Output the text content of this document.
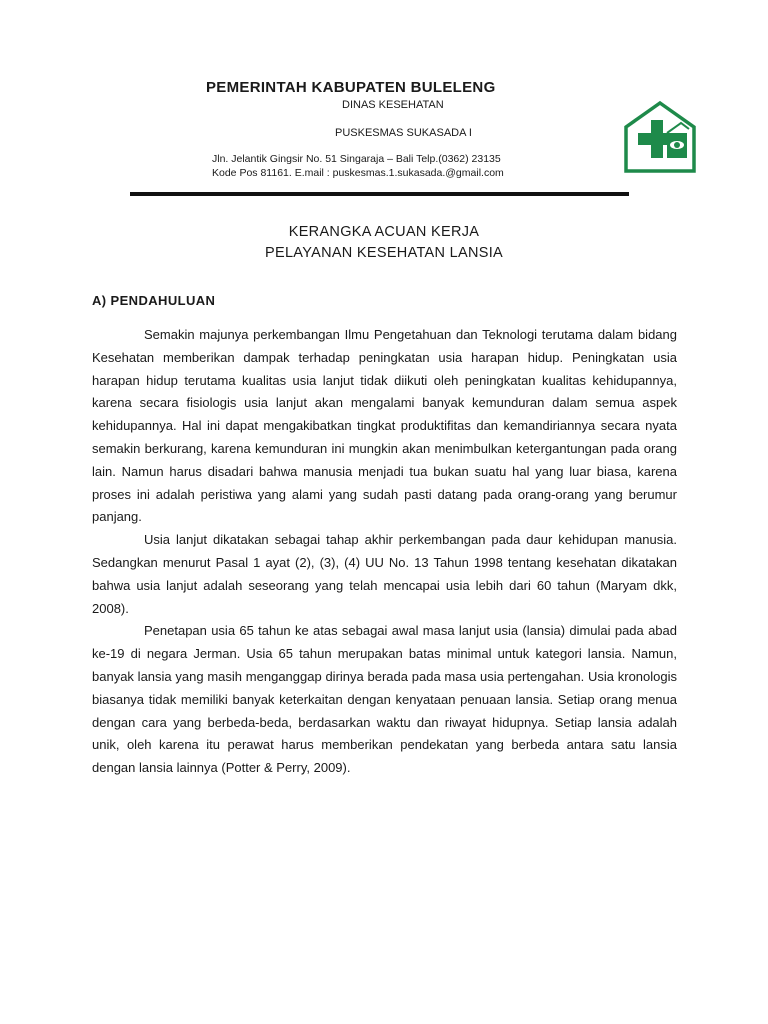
PEMERINTAH KABUPATEN BULELENG
DINAS KESEHATAN
PUSKESMAS SUKASADA I
Jln. Jelantik Gingsir No. 51 Singaraja – Bali Telp.(0362) 23135
Kode Pos 81161. E.mail : puskesmas.1.sukasada.@gmail.com
KERANGKA ACUAN KERJA
PELAYANAN KESEHATAN LANSIA
A) PENDAHULUAN

Semakin majunya perkembangan Ilmu Pengetahuan dan Teknologi terutama dalam bidang Kesehatan memberikan dampak terhadap peningkatan usia harapan hidup. Peningkatan usia harapan hidup terutama kualitas usia lanjut tidak diikuti oleh peningkatan kualitas kehidupannya, karena secara fisiologis usia lanjut akan mengalami banyak kemunduran dalam semua aspek kehidupannya. Hal ini dapat mengakibatkan tingkat produktifitas dan kemandiriannya secara nyata semakin berkurang, karena kemunduran ini mungkin akan menimbulkan ketergantungan pada orang lain. Namun harus disadari bahwa manusia menjadi tua bukan suatu hal yang luar biasa, karena proses ini adalah peristiwa yang alami yang sudah pasti datang pada orang-orang yang berumur panjang.

Usia lanjut dikatakan sebagai tahap akhir perkembangan pada daur kehidupan manusia. Sedangkan menurut Pasal 1 ayat (2), (3), (4) UU No. 13 Tahun 1998 tentang kesehatan dikatakan bahwa usia lanjut adalah seseorang yang telah mencapai usia lebih dari 60 tahun (Maryam dkk, 2008).

Penetapan usia 65 tahun ke atas sebagai awal masa lanjut usia (lansia) dimulai pada abad ke-19 di negara Jerman. Usia 65 tahun merupakan batas minimal untuk kategori lansia. Namun, banyak lansia yang masih menganggap dirinya berada pada masa usia pertengahan. Usia kronologis biasanya tidak memiliki banyak keterkaitan dengan kenyataan penuaan lansia. Setiap orang menua dengan cara yang berbeda-beda, berdasarkan waktu dan riwayat hidupnya. Setiap lansia adalah unik, oleh karena itu perawat harus memberikan pendekatan yang berbeda antara satu lansia dengan lansia lainnya (Potter & Perry, 2009).
